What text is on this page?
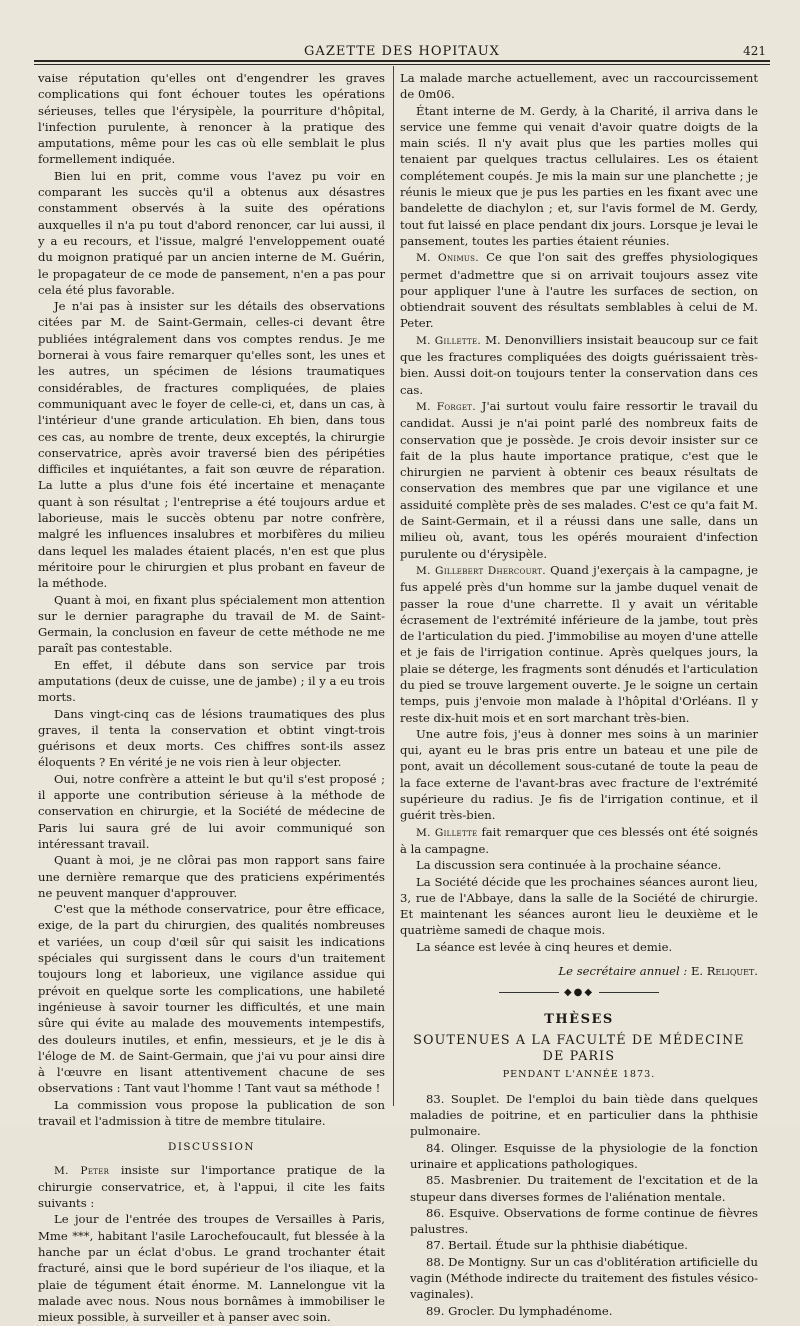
GAZETTE DES HOPITAUX	421

vaise réputation qu'elles ont d'engendrer les graves complications qui font échouer toutes les opérations sérieuses, telles que l'érysipèle, la pourriture d'hôpital, l'infection purulente, à renoncer à la pratique des amputations, même pour les cas où elle semblait le plus formellement indiquée.

Bien lui en prit, comme vous l'avez pu voir en comparant les succès qu'il a obtenus aux désastres constamment observés à la suite des opérations auxquelles il n'a pu tout d'abord renoncer, car lui aussi, il y a eu recours, et l'issue, malgré l'enveloppement ouaté du moignon pratiqué par un ancien interne de M. Guérin, le propagateur de ce mode de pansement, n'en a pas pour cela été plus favorable.

Je n'ai pas à insister sur les détails des observations citées par M. de Saint-Germain, celles-ci devant être publiées intégralement dans vos comptes rendus. Je me bornerai à vous faire remarquer qu'elles sont, les unes et les autres, un spécimen de lésions traumatiques considérables, de fractures compliquées, de plaies communiquant avec le foyer de celle-ci, et, dans un cas, à l'intérieur d'une grande articulation. Eh bien, dans tous ces cas, au nombre de trente, deux exceptés, la chirurgie conservatrice, après avoir traversé bien des péripéties difficiles et inquiétantes, a fait son œuvre de réparation. La lutte a plus d'une fois été incertaine et menaçante quant à son résultat ; l'entreprise a été toujours ardue et laborieuse, mais le succès obtenu par notre confrère, malgré les influences insalubres et morbifères du milieu dans lequel les malades étaient placés, n'en est que plus méritoire pour le chirurgien et plus probant en faveur de la méthode.

Quant à moi, en fixant plus spécialement mon attention sur le dernier paragraphe du travail de M. de Saint-Germain, la conclusion en faveur de cette méthode ne me paraît pas contestable.

En effet, il débute dans son service par trois amputations (deux de cuisse, une de jambe) ; il y a eu trois morts.

Dans vingt-cinq cas de lésions traumatiques des plus graves, il tenta la conservation et obtint vingt-trois guérisons et deux morts. Ces chiffres sont-ils assez éloquents ? En vérité je ne vois rien à leur objecter.

Oui, notre confrère a atteint le but qu'il s'est proposé ; il apporte une contribution sérieuse à la méthode de conservation en chirurgie, et la Société de médecine de Paris lui saura gré de lui avoir communiqué son intéressant travail.

Quant à moi, je ne clôrai pas mon rapport sans faire une dernière remarque que des praticiens expérimentés ne peuvent manquer d'approuver.

C'est que la méthode conservatrice, pour être efficace, exige, de la part du chirurgien, des qualités nombreuses et variées, un coup d'œil sûr qui saisit les indications spéciales qui surgissent dans le cours d'un traitement toujours long et laborieux, une vigilance assidue qui prévoit en quelque sorte les complications, une habileté ingénieuse à savoir tourner les difficultés, et une main sûre qui évite au malade des mouvements intempestifs, des douleurs inutiles, et enfin, messieurs, et je le dis à l'éloge de M. de Saint-Germain, que j'ai vu pour ainsi dire à l'œuvre en lisant attentivement chacune de ses observations : Tant vaut l'homme ! Tant vaut sa méthode !

La commission vous propose la publication de son travail et l'admission à titre de membre titulaire.

DISCUSSION

M. Peter insiste sur l'importance pratique de la chirurgie conservatrice, et, à l'appui, il cite les faits suivants :

Le jour de l'entrée des troupes de Versailles à Paris, Mme ***, habitant l'asile Larochefoucault, fut blessée à la hanche par un éclat d'obus. Le grand trochanter était fracturé, ainsi que le bord supérieur de l'os iliaque, et la plaie de tégument était énorme. M. Lannelongue vit la malade avec nous. Nous nous bornâmes à immobiliser le mieux possible, à surveiller et à panser avec soin.

La malade marche actuellement, avec un raccourcissement de 0m06.

Étant interne de M. Gerdy, à la Charité, il arriva dans le service une femme qui venait d'avoir quatre doigts de la main sciés. Il n'y avait plus que les parties molles qui tenaient par quelques tractus cellulaires. Les os étaient complétement coupés. Je mis la main sur une planchette ; je réunis le mieux que je pus les parties en les fixant avec une bandelette de diachylon ; et, sur l'avis formel de M. Gerdy, tout fut laissé en place pendant dix jours. Lorsque je levai le pansement, toutes les parties étaient réunies.

M. Onimus. Ce que l'on sait des greffes physiologiques permet d'admettre que si on arrivait toujours assez vite pour appliquer l'une à l'autre les surfaces de section, on obtiendrait souvent des résultats semblables à celui de M. Peter.

M. Gillette. M. Denonvilliers insistait beaucoup sur ce fait que les fractures compliquées des doigts guérissaient très-bien. Aussi doit-on toujours tenter la conservation dans ces cas.

M. Forget. J'ai surtout voulu faire ressortir le travail du candidat. Aussi je n'ai point parlé des nombreux faits de conservation que je possède. Je crois devoir insister sur ce fait de la plus haute importance pratique, c'est que le chirurgien ne parvient à obtenir ces beaux résultats de conservation des membres que par une vigilance et une assiduité complète près de ses malades. C'est ce qu'a fait M. de Saint-Germain, et il a réussi dans une salle, dans un milieu où, avant, tous les opérés mouraient d'infection purulente ou d'érysipèle.

M. Gillebert Dhercourt. Quand j'exerçais à la campagne, je fus appelé près d'un homme sur la jambe duquel venait de passer la roue d'une charrette. Il y avait un véritable écrasement de l'extrémité inférieure de la jambe, tout près de l'articulation du pied. J'immobilise au moyen d'une attelle et je fais de l'irrigation continue. Après quelques jours, la plaie se déterge, les fragments sont dénudés et l'articulation du pied se trouve largement ouverte. Je le soigne un certain temps, puis j'envoie mon malade à l'hôpital d'Orléans. Il y reste dix-huit mois et en sort marchant très-bien.

Une autre fois, j'eus à donner mes soins à un marinier qui, ayant eu le bras pris entre un bateau et une pile de pont, avait un décollement sous-cutané de toute la peau de la face externe de l'avant-bras avec fracture de l'extrémité supérieure du radius. Je fis de l'irrigation continue, et il guérit très-bien.

M. Gillette fait remarquer que ces blessés ont été soignés à la campagne.

La discussion sera continuée à la prochaine séance.

La Société décide que les prochaines séances auront lieu, 3, rue de l'Abbaye, dans la salle de la Société de chirurgie. Et maintenant les séances auront lieu le deuxième et le quatrième samedi de chaque mois.

La séance est levée à cinq heures et demie.

Le secrétaire annuel : E. Reliquet.
◆●◆
THÈSES
SOUTENUES A LA FACULTÉ DE MÉDECINE DE PARIS
PENDANT L'ANNÉE 1873.

83. Souplet. De l'emploi du bain tiède dans quelques maladies de poitrine, et en particulier dans la phthisie pulmonaire.

84. Olinger. Esquisse de la physiologie de la fonction urinaire et applications pathologiques.

85. Masbrenier. Du traitement de l'excitation et de la stupeur dans diverses formes de l'aliénation mentale.

86. Esquive. Observations de forme continue de fièvres palustres.

87. Bertail. Étude sur la phthisie diabétique.

88. De Montigny. Sur un cas d'oblitération artificielle du vagin (Méthode indirecte du traitement des fistules vésico-vaginales).

89. Grocler. Du lymphadénome.
